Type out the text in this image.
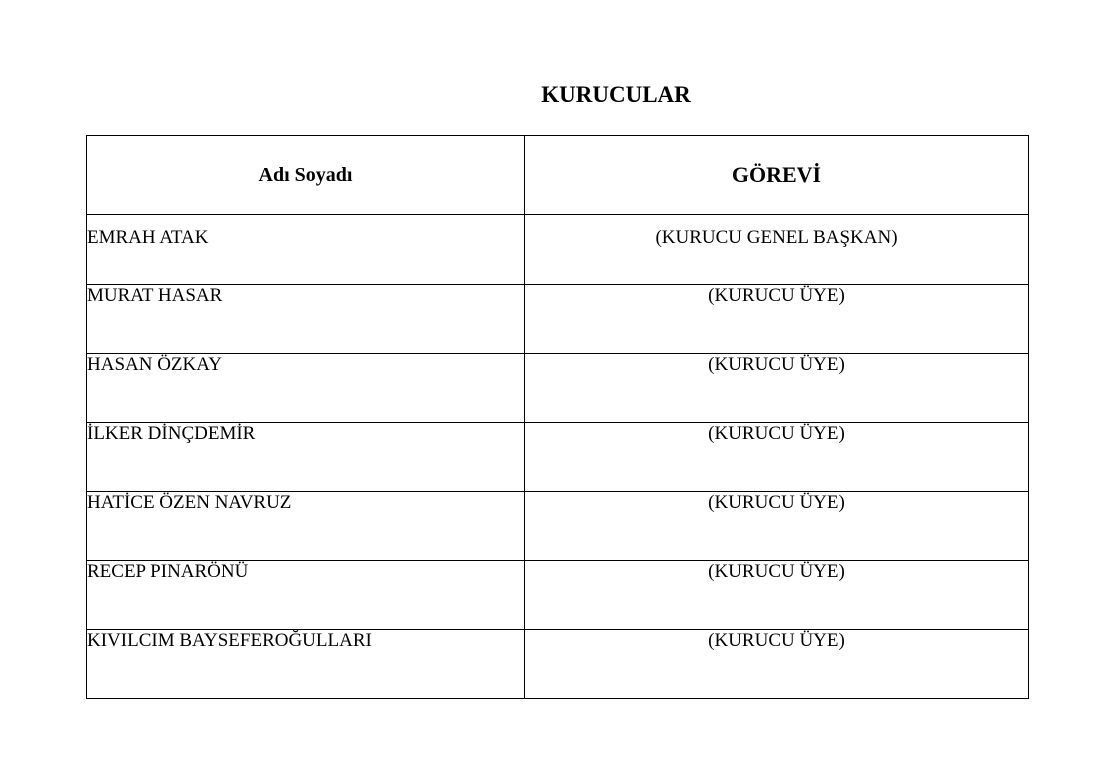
KURUCULAR
Adı Soyadı	GÖREVİ
EMRAH ATAK	(KURUCU GENEL BAŞKAN)
MURAT HASAR	(KURUCU ÜYE)
HASAN ÖZKAY	(KURUCU ÜYE)
İLKER DİNÇDEMİR	(KURUCU ÜYE)
HATİCE ÖZEN NAVRUZ	(KURUCU ÜYE)
RECEP PINARÖNÜ	(KURUCU ÜYE)
KIVILCIM BAYSEFEROĞULLARI	(KURUCU ÜYE)
